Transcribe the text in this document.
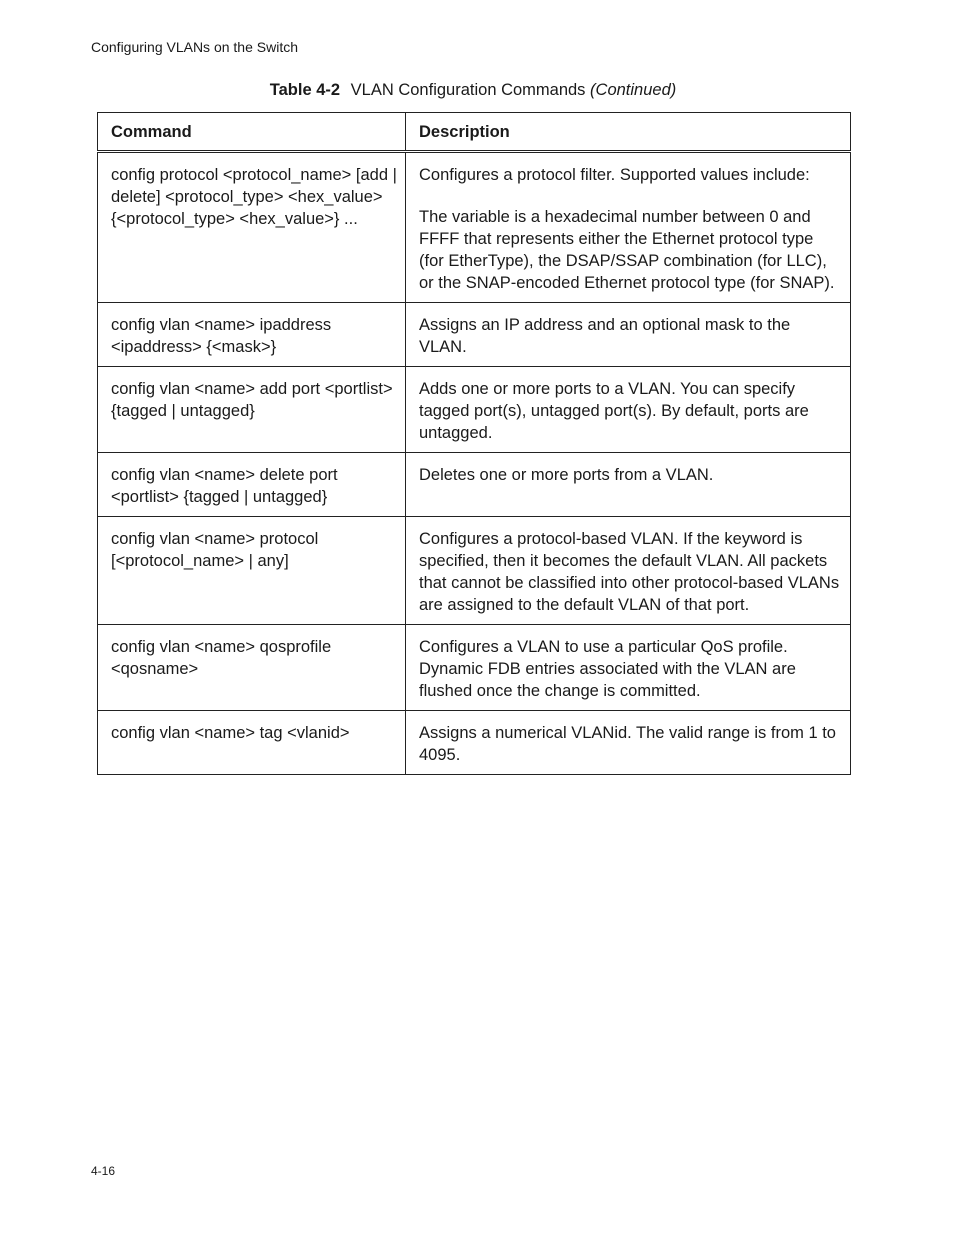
Configuring VLANs on the Switch
Table 4-2 VLAN Configuration Commands (Continued)
Command	Description
config protocol <protocol_name> [add | delete] <protocol_type> <hex_value> {<protocol_type> <hex_value>} ...	Configures a protocol filter. Supported values include:

The variable is a hexadecimal number between 0 and FFFF that represents either the Ethernet protocol type (for EtherType), the DSAP/SSAP combination (for LLC), or the SNAP-encoded Ethernet protocol type (for SNAP).

config vlan <name> ipaddress <ipaddress> {<mask>}	Assigns an IP address and an optional mask to the VLAN.

config vlan <name> add port <portlist> {tagged | untagged}	Adds one or more ports to a VLAN. You can specify tagged port(s), untagged port(s). By default, ports are untagged.

config vlan <name> delete port <portlist> {tagged | untagged}	Deletes one or more ports from a VLAN.

config vlan <name> protocol [<protocol_name> | any]	Configures a protocol-based VLAN. If the keyword is specified, then it becomes the default VLAN. All packets that cannot be classified into other protocol-based VLANs are assigned to the default VLAN of that port.

config vlan <name> qosprofile <qosname>	Configures a VLAN to use a particular QoS profile. Dynamic FDB entries associated with the VLAN are flushed once the change is committed.

config vlan <name> tag <vlanid>	Assigns a numerical VLANid. The valid range is from 1 to 4095.

4-16
